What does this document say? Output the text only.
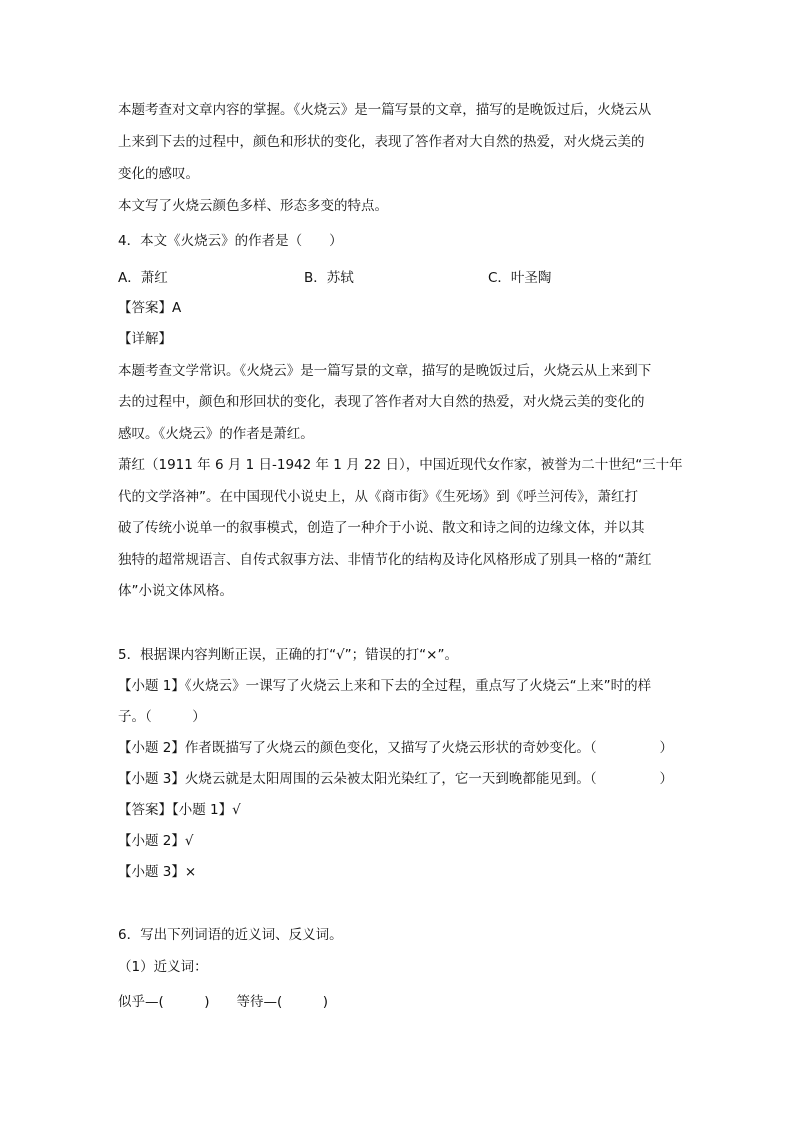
本题考查对文章内容的掌握。《火烧云》是一篇写景的文章，描写的是晚饭过后，火烧云从
上来到下去的过程中，颜色和形状的变化，表现了答作者对大自然的热爱，对火烧云美的
变化的感叹。
本文写了火烧云颜色多样、形态多变的特点。
4．本文《火烧云》的作者是（　　）
A．萧红	B．苏轼	C．叶圣陶
【答案】A
【详解】
本题考查文学常识。《火烧云》是一篇写景的文章，描写的是晚饭过后，火烧云从上来到下
去的过程中，颜色和形回状的变化，表现了答作者对大自然的热爱，对火烧云美的变化的
感叹。《火烧云》的作者是萧红。
萧红（1911 年 6 月 1 日-1942 年 1 月 22 日），中国近现代女作家，被誉为二十世纪“三十年
代的文学洛神”。在中国现代小说史上，从《商市街》《生死场》到《呼兰河传》，萧红打
破了传统小说单一的叙事模式，创造了一种介于小说、散文和诗之间的边缘文体，并以其
独特的超常规语言、自传式叙事方法、非情节化的结构及诗化风格形成了别具一格的“萧红
体”小说文体风格。
5．根据课内容判断正误，正确的打“√”；错误的打“×”。
【小题 1】《火烧云》一课写了火烧云上来和下去的全过程，重点写了火烧云“上来”时的样
子。（　　　）
【小题 2】作者既描写了火烧云的颜色变化，又描写了火烧云形状的奇妙变化。（	）
【小题 3】火烧云就是太阳周围的云朵被太阳光染红了，它一天到晚都能见到。（	）
【答案】【小题 1】√
【小题 2】√
【小题 3】×
6．写出下列词语的近义词、反义词。
（1）近义词：
似乎—(　　　)　　等待—(　　　)
